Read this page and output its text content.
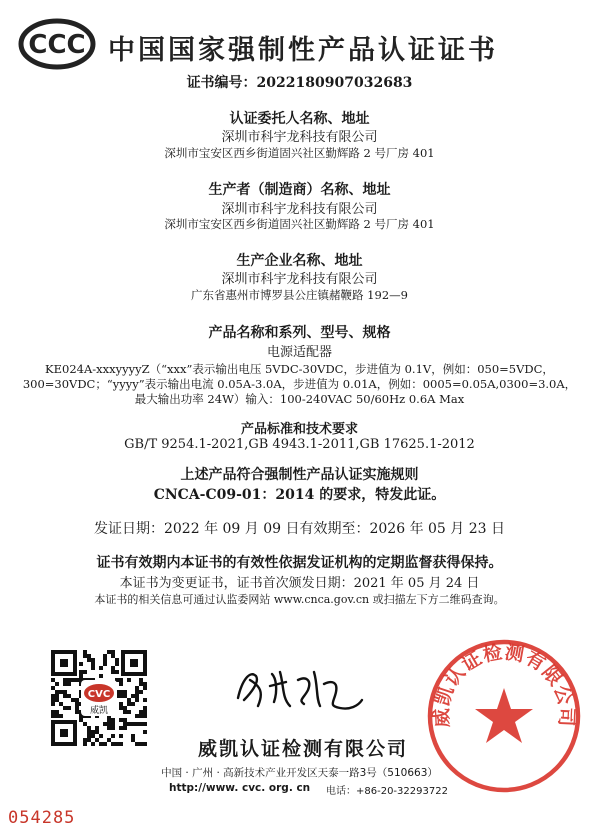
CCC 中国国家强制性产品认证证书
证书编号：2022180907032683
认证委托人名称、地址
深圳市科宇龙科技有限公司
深圳市宝安区西乡街道固兴社区勤辉路 2 号厂房 401
生产者（制造商）名称、地址
深圳市科宇龙科技有限公司
深圳市宝安区西乡街道固兴社区勤辉路 2 号厂房 401
生产企业名称、地址
深圳市科宇龙科技有限公司
广东省惠州市博罗县公庄镇赭鞭路 192—9
产品名称和系列、型号、规格
电源适配器
KE024A-xxxyyyyZ（“xxx”表示输出电压 5VDC-30VDC，步进值为 0.1V，例如：050=5VDC，
300=30VDC；“yyyy”表示输出电流 0.05A-3.0A，步进值为 0.01A，例如：0005=0.05A,0300=3.0A，
最大输出功率 24W）输入：100-240VAC 50/60Hz 0.6A Max
产品标准和技术要求
GB/T 9254.1-2021,GB 4943.1-2011,GB 17625.1-2012
上述产品符合强制性产品认证实施规则
CNCA-C09-01：2014 的要求，特发此证。
发证日期：2022 年 09 月 09 日有效期至：2026 年 05 月 23 日
证书有效期内本证书的有效性依据发证机构的定期监督获得保持。
本证书为变更证书，证书首次颁发日期：2021 年 05 月 24 日
本证书的相关信息可通过认监委网站 www.cnca.gov.cn 或扫描左下方二维码查询。
CVC
威凯	威凯认证检测有限公司
威凯认证检测有限公司
中国 · 广州 · 高新技术产业开发区天泰一路3号（510663）
http://www. cvc. org. cn 电话：+86-20-32293722
054285
